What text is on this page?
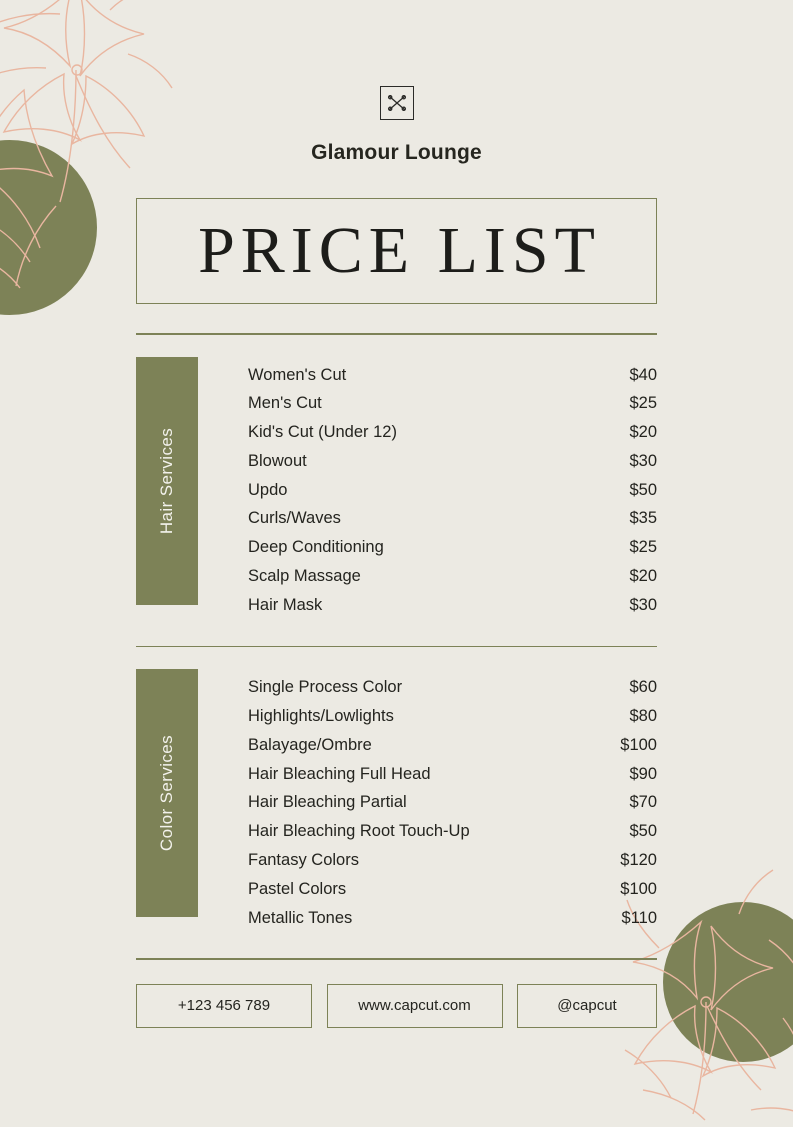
Glamour Lounge
PRICE LIST
Hair Services
Women's Cut	$40
Men's Cut	$25
Kid's Cut (Under 12)	$20
Blowout	$30
Updo	$50
Curls/Waves	$35
Deep Conditioning	$25
Scalp Massage	$20
Hair Mask	$30
Color Services
Single Process Color	$60
Highlights/Lowlights	$80
Balayage/Ombre	$100
Hair Bleaching Full Head	$90
Hair Bleaching Partial	$70
Hair Bleaching Root Touch-Up	$50
Fantasy Colors	$120
Pastel Colors	$100
Metallic Tones	$110
+123 456 789	www.capcut.com	@capcut
